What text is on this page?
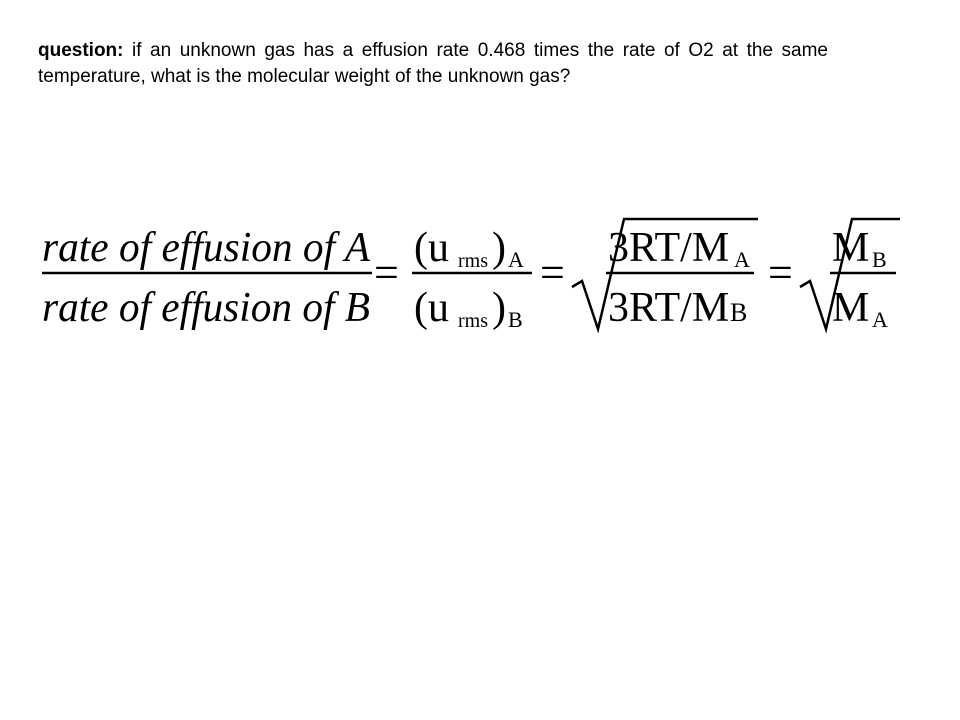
question: if an unknown gas has a effusion rate 0.468 times the rate of O2 at the same temperature, what is the molecular weight of the unknown gas?
rate of effusion of A
rate of effusion of B
= (u rms ) A
(u rms ) B
= 3RT/M A
3RT/M B
= M B
M A
